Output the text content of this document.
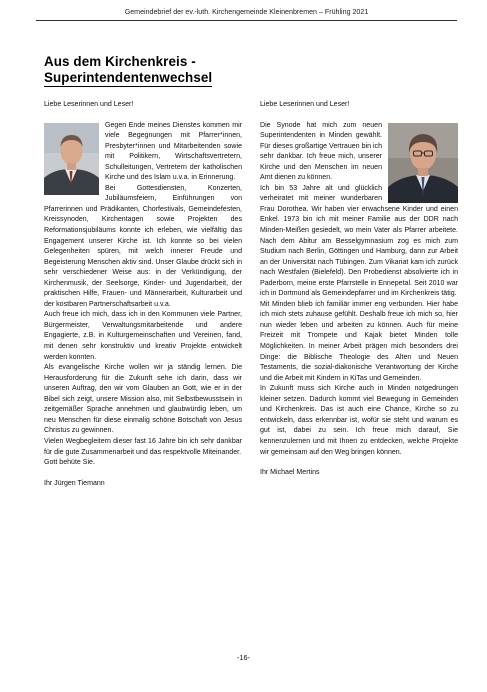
Gemeindebrief der ev.-luth. Kirchengemeinde Kleinenbremen – Frühling 2021
Aus dem Kirchenkreis -
Superintendentenwechsel

Liebe Leserinnen und Leser!

Gegen Ende meines Dienstes kommen mir viele Begegnungen mit Pfarrer*innen, Presbyter*innen und Mitarbeitenden sowie mit Politikern, Wirtschaftsvertretern, Schulleitungen, Vertretern der katholischen Kirche und des Islam u.v.a. in Erinnerung.

Bei Gottesdiensten, Konzerten, Jubiläumsfeiern, Einführungen von Pfarrerinnen und Prädikanten, Chorfestivals, Gemeindefesten, Kreissynoden, Kirchentagen sowie Projekten des Reformationsjubiläums konnte ich erleben, wie vielfältig das Engagement unserer Kirche ist. Ich konnte so bei vielen Gelegenheiten spüren, mit welch innerer Freude und Begeisterung Menschen aktiv sind. Unser Glaube drückt sich in sehr verschiedener Weise aus: in der Verkündigung, der Kirchenmusik, der Seelsorge, Kinder- und Jugendarbeit, der praktischen Hilfe, Frauen- und Männerarbeit, Kulturarbeit und der kostbaren Partnerschaftsarbeit u.v.a.

Auch freue ich mich, dass ich in den Kommunen viele Partner, Bürgermeister, Verwaltungsmitarbeitende und andere Engagierte, z.B. in Kulturgemeinschaften und Vereinen, fand, mit denen sehr konstruktiv und kreativ Projekte entwickelt werden konnten.

Als evangelische Kirche wollen wir ja ständig lernen. Die Herausforderung für die Zukunft sehe ich darin, dass wir unseren Auftrag, den wir vom Glauben an Gott, wie er in der Bibel sich zeigt, unsere Mission also, mit Selbstbewusstsein in zeitgemäßer Sprache annehmen und glaubwürdig leben, um neu Menschen für diese einmalig schöne Botschaft von Jesus Christus zu gewinnen.

Vielen Wegbegleitern dieser fast 16 Jahre bin ich sehr dankbar für die gute Zusammenarbeit und das respektvolle Miteinander.

Gott behüte Sie.

Ihr Jürgen Tiemann

Liebe Leserinnen und Leser!

Die Synode hat mich zum neuen Superintendenten in Minden gewählt. Für dieses großartige Vertrauen bin ich sehr dankbar. Ich freue mich, unserer Kirche und den Menschen im neuen Amt dienen zu können.

Ich bin 53 Jahre alt und glücklich verheiratet mit meiner wunderbaren Frau Dorothea. Wir haben vier erwachsene Kinder und einen Enkel. 1973 bin ich mit meiner Familie aus der DDR nach Minden-Meißen gesiedelt, wo mein Vater als Pfarrer arbeitete. Nach dem Abitur am Besselgymnasium zog es mich zum Studium nach Berlin, Göttingen und Hamburg, dann zur Arbeit an der Universität nach Tübingen. Zum Vikariat kam ich zurück nach Westfalen (Bielefeld). Den Probedienst absolvierte ich in Paderborn, meine erste Pfarrstelle in Ennepetal. Seit 2010 war ich in Dortmund als Gemeindepfarrer und im Kirchenkreis tätig.

Mit Minden blieb ich familiär immer eng verbunden. Hier habe ich mich stets zuhause gefühlt. Deshalb freue ich mich so, hier nun wieder leben und arbeiten zu können. Auch für meine Freizeit mit Trompete und Kajak bietet Minden tolle Möglichkeiten. In meiner Arbeit prägen mich besonders drei Dinge: die Biblische Theologie des Alten und Neuen Testaments, die sozial-diakonische Verantwortung der Kirche und die Arbeit mit Kindern in KiTas und Gemeinden.

In Zukunft muss sich Kirche auch in Minden notgedrungen kleiner setzen. Dadurch kommt viel Bewegung in Gemeinden und Kirchenkreis. Das ist auch eine Chance, Kirche so zu entwickeln, dass erkennbar ist, wofür sie steht und warum es gut ist, dabei zu sein. Ich freue mich darauf, Sie kennenzulernen und mit Ihnen zu entdecken, welche Projekte wir gemeinsam auf den Weg bringen können.

Ihr Michael Mertins

-16-
